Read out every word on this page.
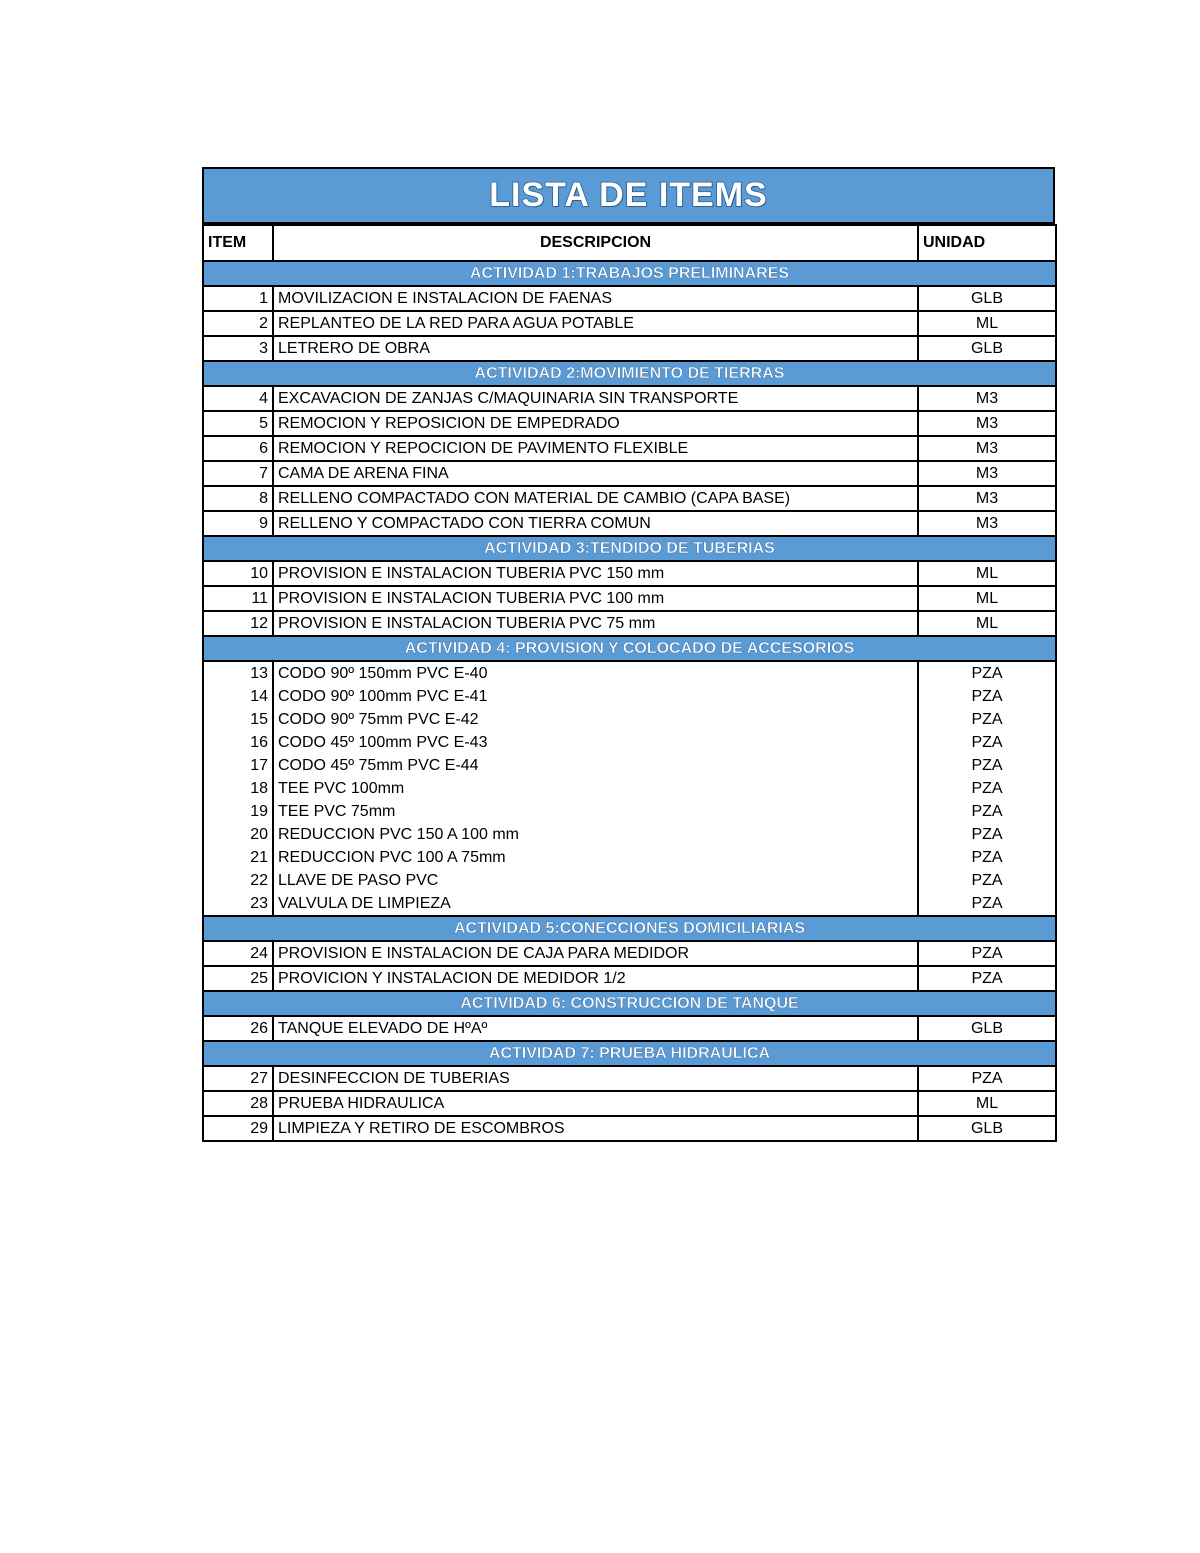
LISTA DE ITEMS
ITEM	DESCRIPCION	UNIDAD
ACTIVIDAD 1:TRABAJOS PRELIMINARES		
1	MOVILIZACION E INSTALACION DE FAENAS	GLB
2	REPLANTEO DE LA RED PARA AGUA POTABLE	ML
3	LETRERO DE OBRA	GLB
ACTIVIDAD 2:MOVIMIENTO DE TIERRAS		
4	EXCAVACION DE ZANJAS C/MAQUINARIA SIN TRANSPORTE	M3
5	REMOCION Y REPOSICION DE EMPEDRADO	M3
6	REMOCION Y REPOCICION DE PAVIMENTO FLEXIBLE	M3
7	CAMA DE ARENA FINA	M3
8	RELLENO COMPACTADO CON MATERIAL DE CAMBIO (CAPA BASE)	M3
9	RELLENO Y COMPACTADO CON TIERRA COMUN	M3
ACTIVIDAD 3:TENDIDO DE TUBERIAS		
10	PROVISION E INSTALACION TUBERIA PVC 150 mm	ML
11	PROVISION E INSTALACION TUBERIA PVC 100 mm	ML
12	PROVISION E INSTALACION TUBERIA PVC 75 mm	ML
ACTIVIDAD 4: PROVISION Y COLOCADO DE ACCESORIOS		
13	CODO 90º 150mm PVC E-40	PZA
14	CODO 90º 100mm PVC E-41	PZA
15	CODO 90º 75mm PVC E-42	PZA
16	CODO 45º 100mm PVC E-43	PZA
17	CODO 45º 75mm PVC E-44	PZA
18	TEE PVC 100mm	PZA
19	TEE PVC 75mm	PZA
20	REDUCCION PVC 150 A 100 mm	PZA
21	REDUCCION PVC 100 A 75mm	PZA
22	LLAVE DE PASO PVC	PZA
23	VALVULA DE LIMPIEZA	PZA
ACTIVIDAD 5:CONECCIONES DOMICILIARIAS		
24	PROVISION E INSTALACION DE CAJA PARA MEDIDOR	PZA
25	PROVICION Y INSTALACION DE MEDIDOR 1/2	PZA
ACTIVIDAD 6: CONSTRUCCION DE TANQUE		
26	TANQUE ELEVADO DE HºAº	GLB
ACTIVIDAD 7: PRUEBA HIDRAULICA		
27	DESINFECCION DE TUBERIAS	PZA
28	PRUEBA HIDRAULICA	ML
29	LIMPIEZA Y RETIRO DE ESCOMBROS	GLB
